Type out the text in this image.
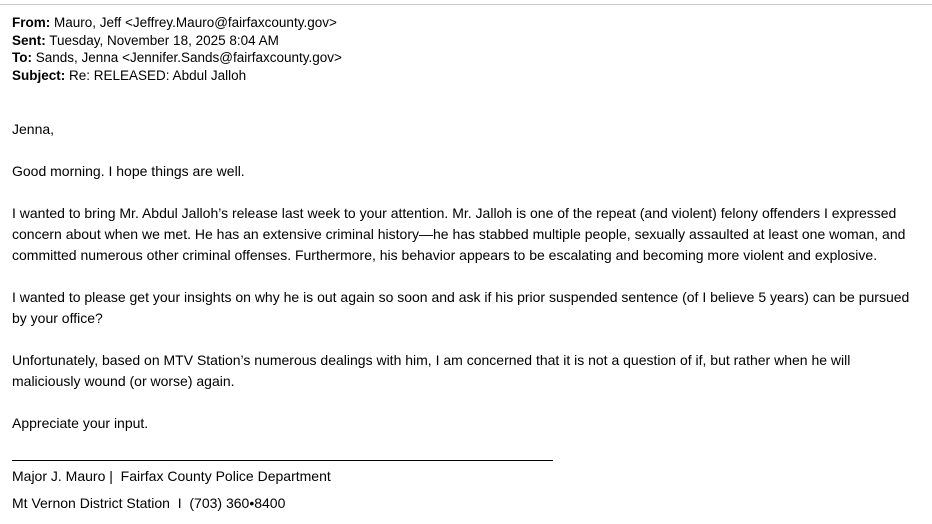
From: Mauro, Jeff <Jeffrey.Mauro@fairfaxcounty.gov>
Sent: Tuesday, November 18, 2025 8:04 AM
To: Sands, Jenna <Jennifer.Sands@fairfaxcounty.gov>
Subject: Re: RELEASED: Abdul Jalloh

Jenna,

Good morning. I hope things are well.

I wanted to bring Mr. Abdul Jalloh’s release last week to your attention. Mr. Jalloh is one of the repeat (and violent) felony offenders I expressed concern about when we met. He has an extensive criminal history—he has stabbed multiple people, sexually assaulted at least one woman, and committed numerous other criminal offenses. Furthermore, his behavior appears to be escalating and becoming more violent and explosive.

I wanted to please get your insights on why he is out again so soon and ask if his prior suspended sentence (of I believe 5 years) can be pursued by your office?

Unfortunately, based on MTV Station’s numerous dealings with him, I am concerned that it is not a question of if, but rather when he will maliciously wound (or worse) again.

Appreciate your input.

Major J. Mauro |  Fairfax County Police Department
Mt Vernon District Station  I  (703) 360•8400
